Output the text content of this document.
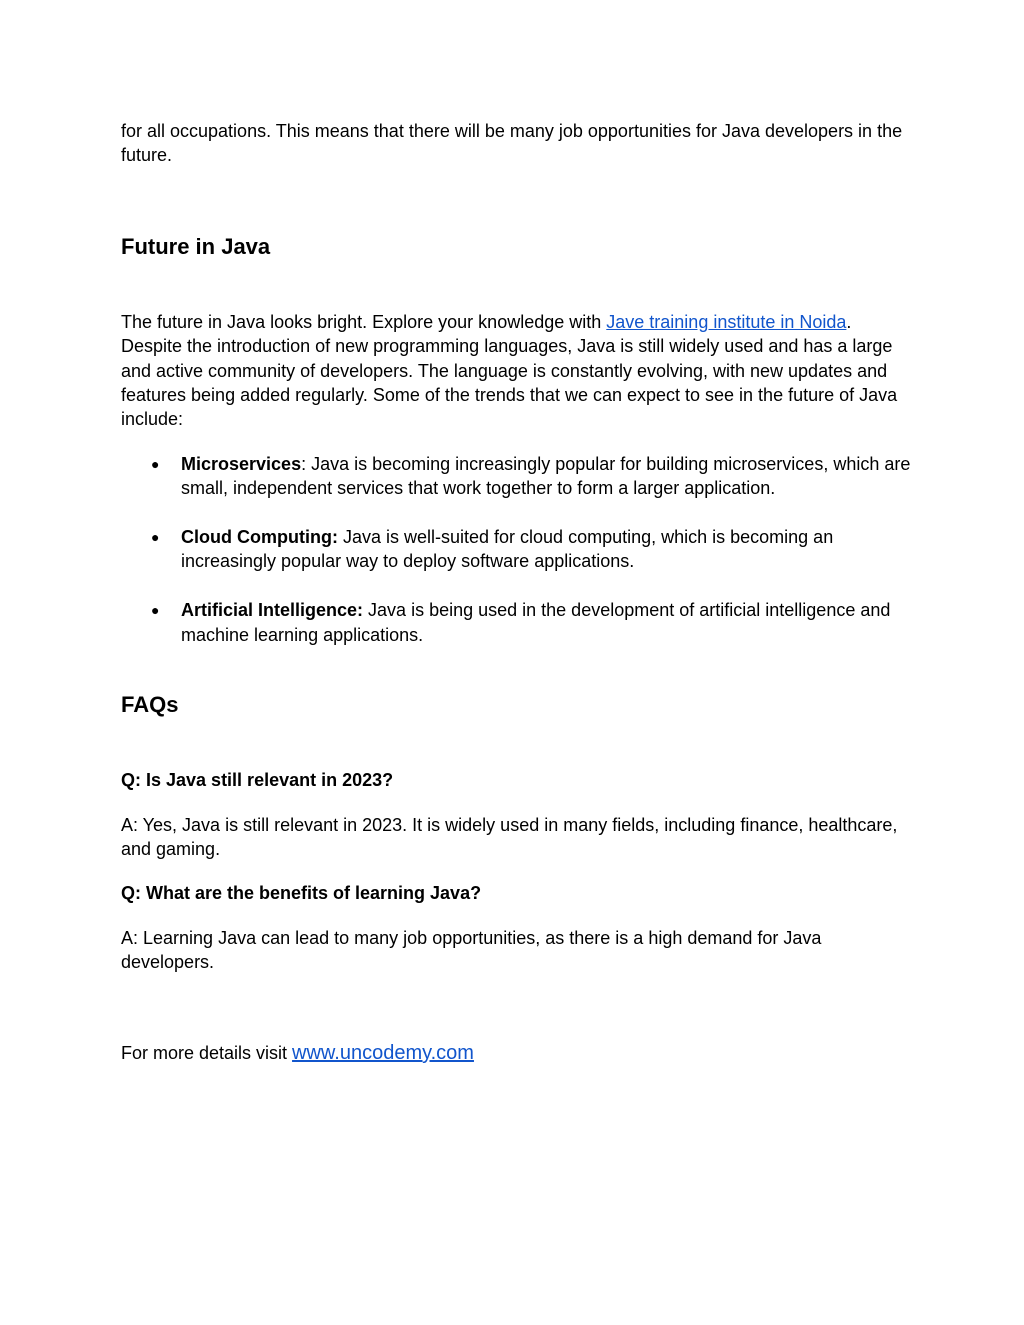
for all occupations. This means that there will be many job opportunities for Java developers in the future.

Future in Java

The future in Java looks bright. Explore your knowledge with Jave training institute in Noida. Despite the introduction of new programming languages, Java is still widely used and has a large and active community of developers. The language is constantly evolving, with new updates and features being added regularly. Some of the trends that we can expect to see in the future of Java include:

● Microservices: Java is becoming increasingly popular for building microservices, which are small, independent services that work together to form a larger application.
● Cloud Computing: Java is well-suited for cloud computing, which is becoming an increasingly popular way to deploy software applications.
● Artificial Intelligence: Java is being used in the development of artificial intelligence and machine learning applications.
FAQs

Q: Is Java still relevant in 2023?

A: Yes, Java is still relevant in 2023. It is widely used in many fields, including finance, healthcare, and gaming.

Q: What are the benefits of learning Java?

A: Learning Java can lead to many job opportunities, as there is a high demand for Java developers.

For more details visit www.uncodemy.com
